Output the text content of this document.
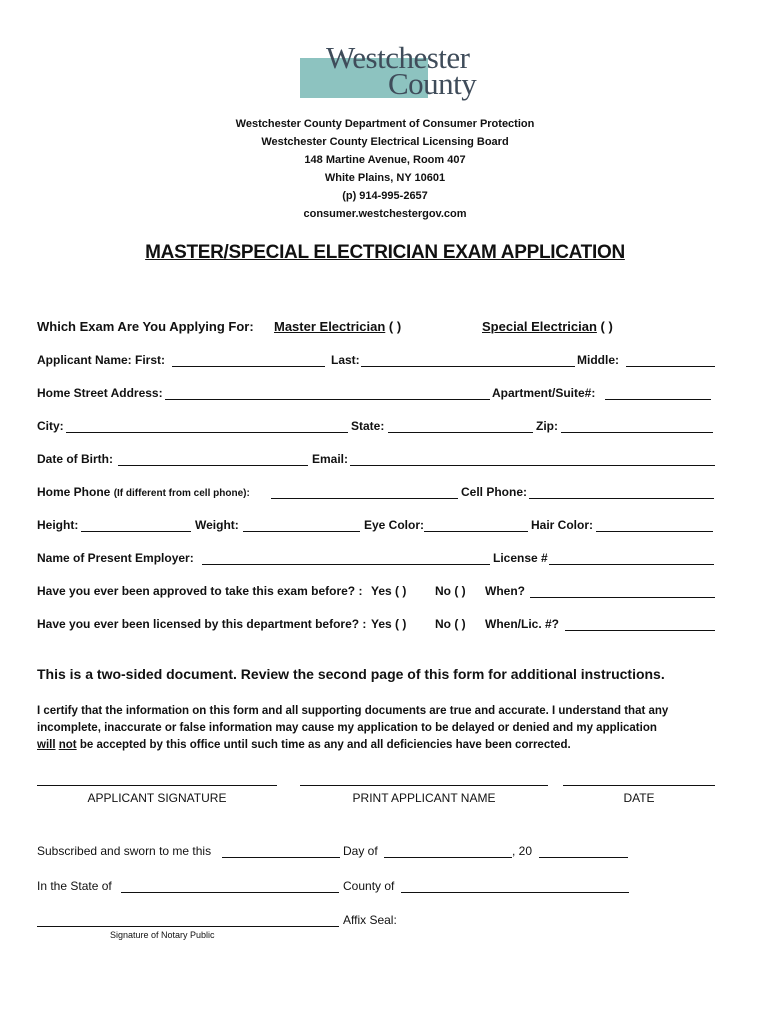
Westchester
County
Westchester County Department of Consumer Protection
Westchester County Electrical Licensing Board
148 Martine Avenue, Room 407
White Plains, NY 10601
(p) 914-995-2657
consumer.westchestergov.com
MASTER/SPECIAL ELECTRICIAN EXAM APPLICATION
Which Exam Are You Applying For: Master Electrician ( )	Special Electrician ( )
Applicant Name: First:	Last:	Middle:
Home Street Address:	Apartment/Suite#:
City:	State:	Zip:
Date of Birth:	Email:
Home Phone (If different from cell phone):	Cell Phone:
Height:	Weight:	Eye Color:	Hair Color:
Name of Present Employer:	License #
Have you ever been approved to take this exam before? : Yes ( ) No ( ) When?
Have you ever been licensed by this department before? : Yes ( ) No ( ) When/Lic. #?
This is a two-sided document. Review the second page of this form for additional instructions.
I certify that the information on this form and all supporting documents are true and accurate. I understand that any
incomplete, inaccurate or false information may cause my application to be delayed or denied and my application
will not be accepted by this office until such time as any and all deficiencies have been corrected.
APPLICANT SIGNATURE	PRINT APPLICANT NAME	DATE
Subscribed and sworn to me this	Day of	, 20
In the State of	County of
Affix Seal:
Signature of Notary Public
